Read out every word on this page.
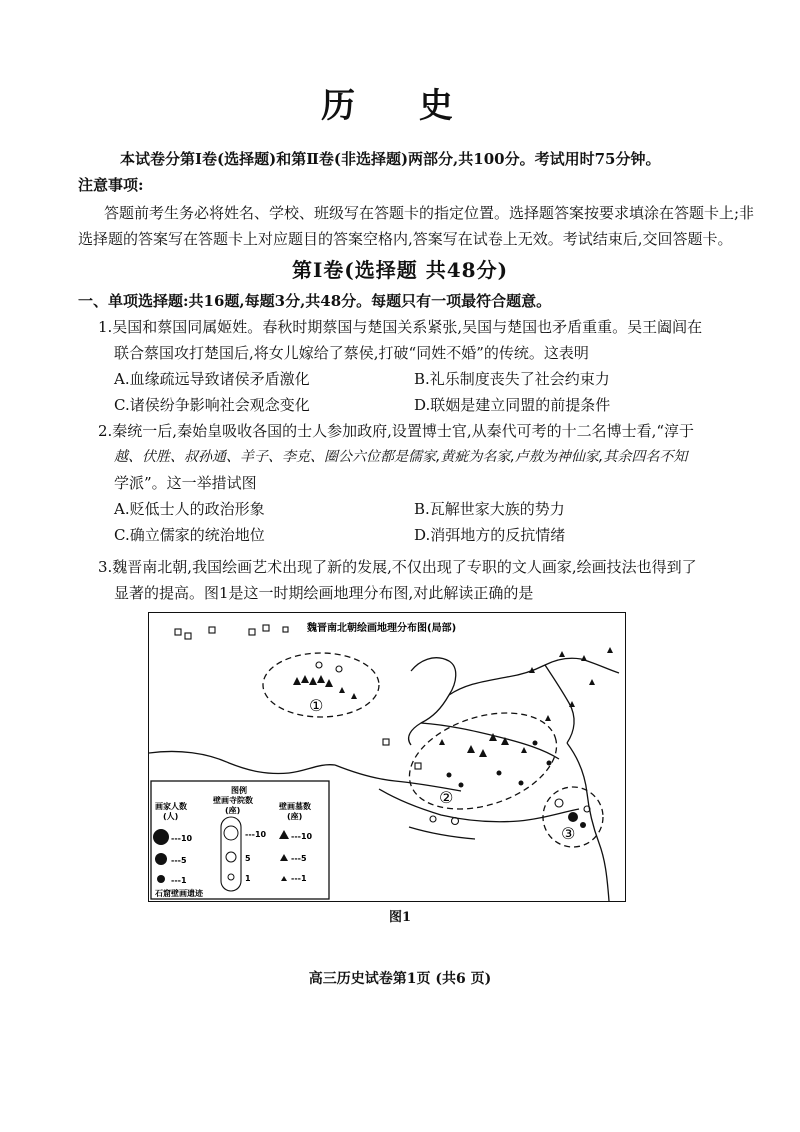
历 史
本试卷分第Ⅰ卷(选择题)和第Ⅱ卷(非选择题)两部分,共100分。考试用时75分钟。
注意事项:
答题前考生务必将姓名、学校、班级写在答题卡的指定位置。选择题答案按要求填涂在答题卡上;非
选择题的答案写在答题卡上对应题目的答案空格内,答案写在试卷上无效。考试结束后,交回答题卡。
第Ⅰ卷(选择题 共48分)
一、单项选择题:共16题,每题3分,共48分。每题只有一项最符合题意。
1.吴国和蔡国同属姬姓。春秋时期蔡国与楚国关系紧张,吴国与楚国也矛盾重重。吴王阖闾在
联合蔡国攻打楚国后,将女儿嫁给了蔡侯,打破“同姓不婚”的传统。这表明
A.血缘疏远导致诸侯矛盾激化	B.礼乐制度丧失了社会约束力
C.诸侯纷争影响社会观念变化	D.联姻是建立同盟的前提条件
2.秦统一后,秦始皇吸收各国的士人参加政府,设置博士官,从秦代可考的十二名博士看,“淳于
越、伏胜、叔孙通、羊子、李克、圈公六位都是儒家,黄疵为名家,卢敖为神仙家,其余四名不知
学派”。这一举措试图
A.贬低士人的政治形象	B.瓦解世家大族的势力
C.确立儒家的统治地位	D.消弭地方的反抗情绪
3.魏晋南北朝,我国绘画艺术出现了新的发展,不仅出现了专职的文人画家,绘画技法也得到了
显著的提高。图1是这一时期绘画地理分布图,对此解读正确的是
魏晋南北朝绘画地理分布图(局部)
①
②
③
图例
画家人数
(人)
壁画寺院数
(座)	壁画墓数
(座)
---10
---5
---1
---10
5
1
---10
---5
---1
石窟壁画遗迹
图1
高三历史试卷第1页 (共6 页)
